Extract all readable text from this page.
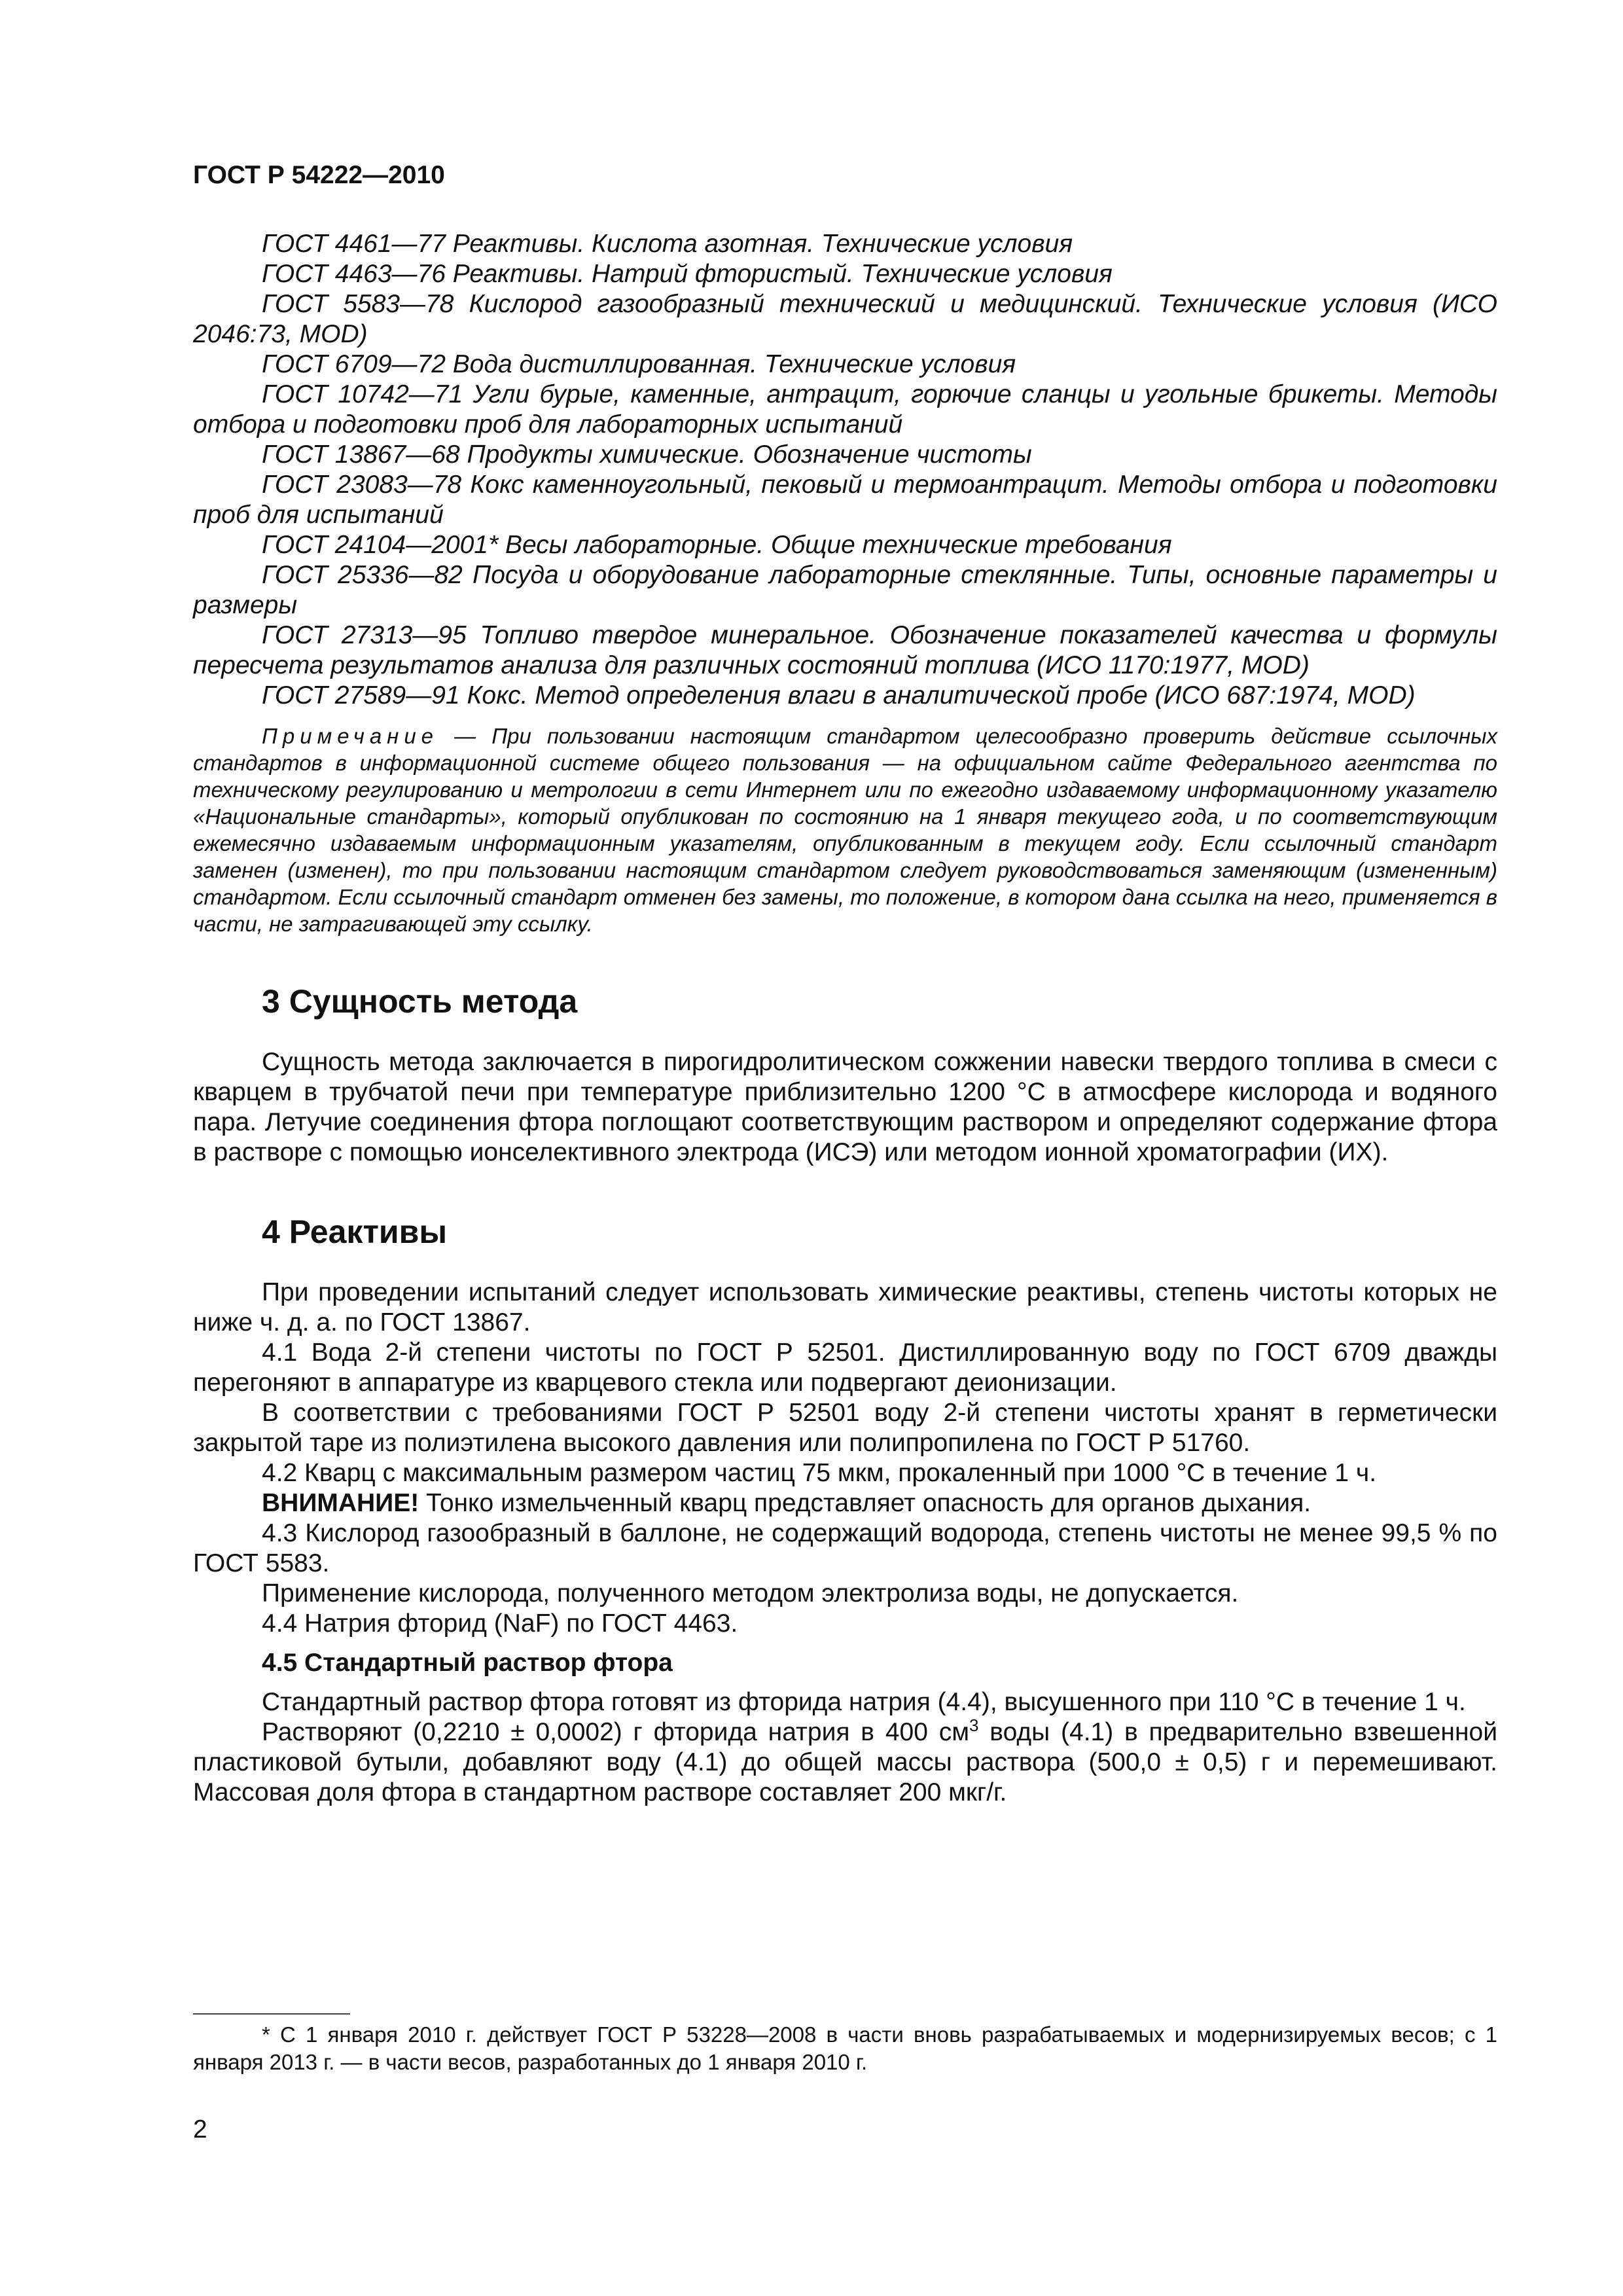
ГОСТ Р 54222—2010

ГОСТ 4461—77 Реактивы. Кислота азотная. Технические условия

ГОСТ 4463—76 Реактивы. Натрий фтористый. Технические условия

ГОСТ 5583—78 Кислород газообразный технический и медицинский. Технические условия (ИСО 2046:73, MOD)

ГОСТ 6709—72 Вода дистиллированная. Технические условия

ГОСТ 10742—71 Угли бурые, каменные, антрацит, горючие сланцы и угольные брикеты. Методы отбора и подготовки проб для лабораторных испытаний

ГОСТ 13867—68 Продукты химические. Обозначение чистоты

ГОСТ 23083—78 Кокс каменноугольный, пековый и термоантрацит. Методы отбора и подготовки проб для испытаний

ГОСТ 24104—2001* Весы лабораторные. Общие технические требования

ГОСТ 25336—82 Посуда и оборудование лабораторные стеклянные. Типы, основные параметры и размеры

ГОСТ 27313—95 Топливо твердое минеральное. Обозначение показателей качества и формулы пересчета результатов анализа для различных состояний топлива (ИСО 1170:1977, MOD)

ГОСТ 27589—91 Кокс. Метод определения влаги в аналитической пробе (ИСО 687:1974, MOD)

Примечание — При пользовании настоящим стандартом целесообразно проверить действие ссылочных стандартов в информационной системе общего пользования — на официальном сайте Федерального агентства по техническому регулированию и метрологии в сети Интернет или по ежегодно издаваемому информационному указателю «Национальные стандарты», который опубликован по состоянию на 1 января текущего года, и по соответствующим ежемесячно издаваемым информационным указателям, опубликованным в текущем году. Если ссылочный стандарт заменен (изменен), то при пользовании настоящим стандартом следует руководствоваться заменяющим (измененным) стандартом. Если ссылочный стандарт отменен без замены, то положение, в котором дана ссылка на него, применяется в части, не затрагивающей эту ссылку.

3 Сущность метода

Сущность метода заключается в пирогидролитическом сожжении навески твердого топлива в смеси с кварцем в трубчатой печи при температуре приблизительно 1200 °С в атмосфере кислорода и водяного пара. Летучие соединения фтора поглощают соответствующим раствором и определяют содержание фтора в растворе с помощью ионселективного электрода (ИСЭ) или методом ионной хроматографии (ИХ).

4 Реактивы

При проведении испытаний следует использовать химические реактивы, степень чистоты которых не ниже ч. д. а. по ГОСТ 13867.

4.1 Вода 2-й степени чистоты по ГОСТ Р 52501. Дистиллированную воду по ГОСТ 6709 дважды перегоняют в аппаратуре из кварцевого стекла или подвергают деионизации.

В соответствии с требованиями ГОСТ Р 52501 воду 2-й степени чистоты хранят в герметически закрытой таре из полиэтилена высокого давления или полипропилена по ГОСТ Р 51760.

4.2 Кварц с максимальным размером частиц 75 мкм, прокаленный при 1000 °С в течение 1 ч.

ВНИМАНИЕ! Тонко измельченный кварц представляет опасность для органов дыхания.

4.3 Кислород газообразный в баллоне, не содержащий водорода, степень чистоты не менее 99,5 % по ГОСТ 5583.

Применение кислорода, полученного методом электролиза воды, не допускается.

4.4 Натрия фторид (NaF) по ГОСТ 4463.

4.5 Стандартный раствор фтора

Стандартный раствор фтора готовят из фторида натрия (4.4), высушенного при 110 °С в течение 1 ч.

Растворяют (0,2210 ± 0,0002) г фторида натрия в 400 $см^3$ воды (4.1) в предварительно взвешенной пластиковой бутыли, добавляют воду (4.1) до общей массы раствора (500,0 ± 0,5) г и перемешивают. Массовая доля фтора в стандартном растворе составляет 200 мкг/г.

* С 1 января 2010 г. действует ГОСТ Р 53228—2008 в части вновь разрабатываемых и модернизируемых весов; с 1 января 2013 г. — в части весов, разработанных до 1 января 2010 г.
2
